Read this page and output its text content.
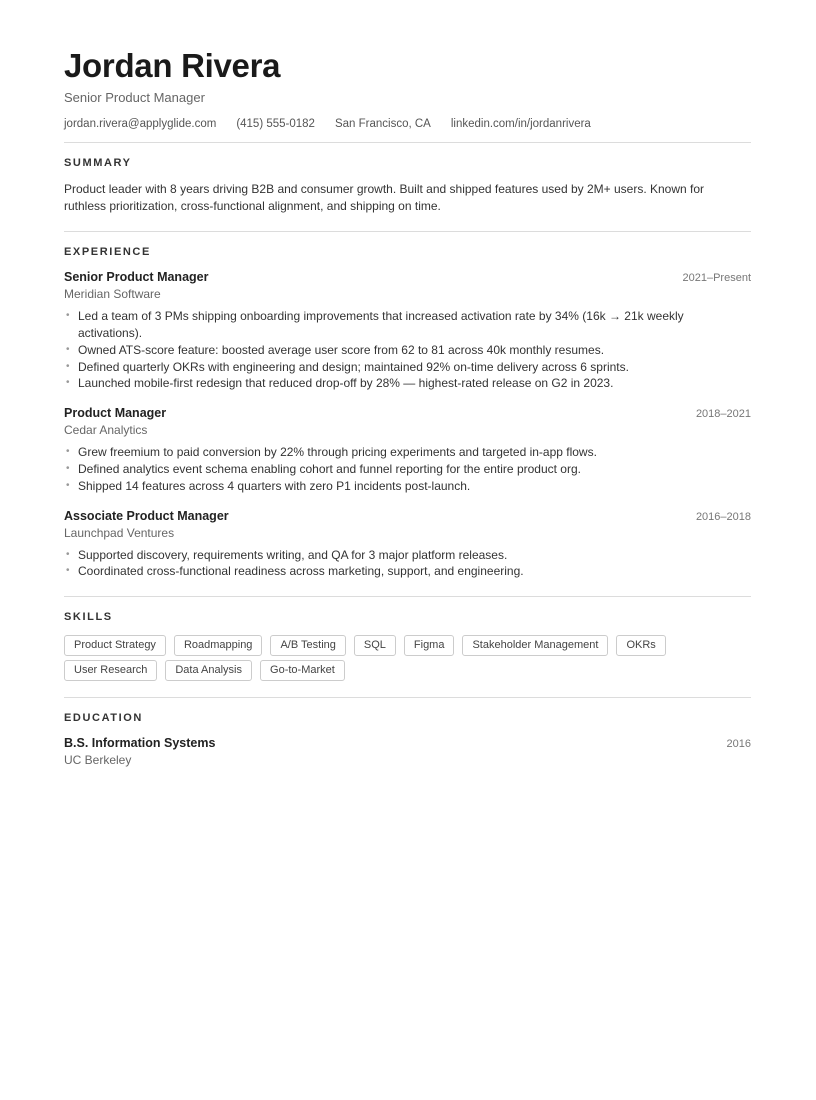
Jordan Rivera
Senior Product Manager
jordan.rivera@applyglide.com (415) 555-0182 San Francisco, CA linkedin.com/in/jordanrivera
SUMMARY

Product leader with 8 years driving B2B and consumer growth. Built and shipped features used by 2M+ users. Known for ruthless prioritization, cross-functional alignment, and shipping on time.

EXPERIENCE
Senior Product Manager	2021–Present
Meridian Software
• Led a team of 3 PMs shipping onboarding improvements that increased activation rate by 34% (16k → 21k weekly activations).
• Owned ATS-score feature: boosted average user score from 62 to 81 across 40k monthly resumes.
• Defined quarterly OKRs with engineering and design; maintained 92% on-time delivery across 6 sprints.
• Launched mobile-first redesign that reduced drop-off by 28% — highest-rated release on G2 in 2023.
Product Manager	2018–2021
Cedar Analytics
• Grew freemium to paid conversion by 22% through pricing experiments and targeted in-app flows.
• Defined analytics event schema enabling cohort and funnel reporting for the entire product org.
• Shipped 14 features across 4 quarters with zero P1 incidents post-launch.
Associate Product Manager	2016–2018
Launchpad Ventures
• Supported discovery, requirements writing, and QA for 3 major platform releases.
• Coordinated cross-functional readiness across marketing, support, and engineering.
SKILLS
Product Strategy	Roadmapping	A/B Testing	SQL	Figma	Stakeholder Management	OKRs
User Research	Data Analysis	Go-to-Market
EDUCATION
B.S. Information Systems	2016
UC Berkeley
